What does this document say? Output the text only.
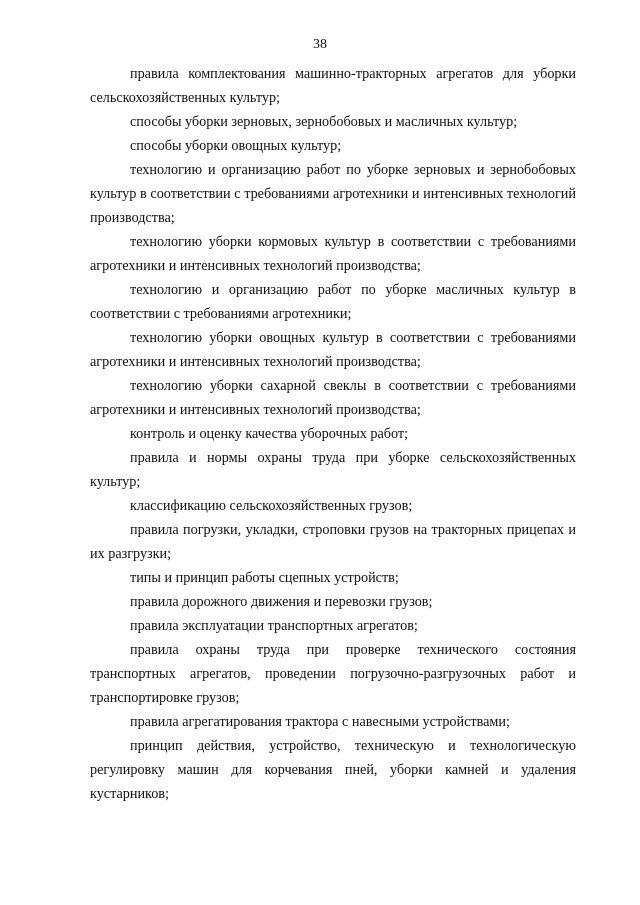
38

правила комплектования машинно-тракторных агрегатов для уборки сельскохозяйственных культур;

способы уборки зерновых, зернобобовых и масличных культур;

способы уборки овощных культур;

технологию и организацию работ по уборке зерновых и зернобобовых культур в соответствии с требованиями агротехники и интенсивных технологий производства;

технологию уборки кормовых культур в соответствии с требованиями агротехники и интенсивных технологий производства;

технологию и организацию работ по уборке масличных культур в соответствии с требованиями агротехники;

технологию уборки овощных культур в соответствии с требованиями агротехники и интенсивных технологий производства;

технологию уборки сахарной свеклы в соответствии с требованиями агротехники и интенсивных технологий производства;

контроль и оценку качества уборочных работ;

правила и нормы охраны труда при уборке сельскохозяйственных культур;

классификацию сельскохозяйственных грузов;

правила погрузки, укладки, строповки грузов на тракторных прицепах и их разгрузки;

типы и принцип работы сцепных устройств;

правила дорожного движения и перевозки грузов;

правила эксплуатации транспортных агрегатов;

правила охраны труда при проверке технического состояния транспортных агрегатов, проведении погрузочно-разгрузочных работ и транспортировке грузов;

правила агрегатирования трактора с навесными устройствами;

принцип действия, устройство, техническую и технологическую регулировку машин для корчевания пней, уборки камней и удаления кустарников;
